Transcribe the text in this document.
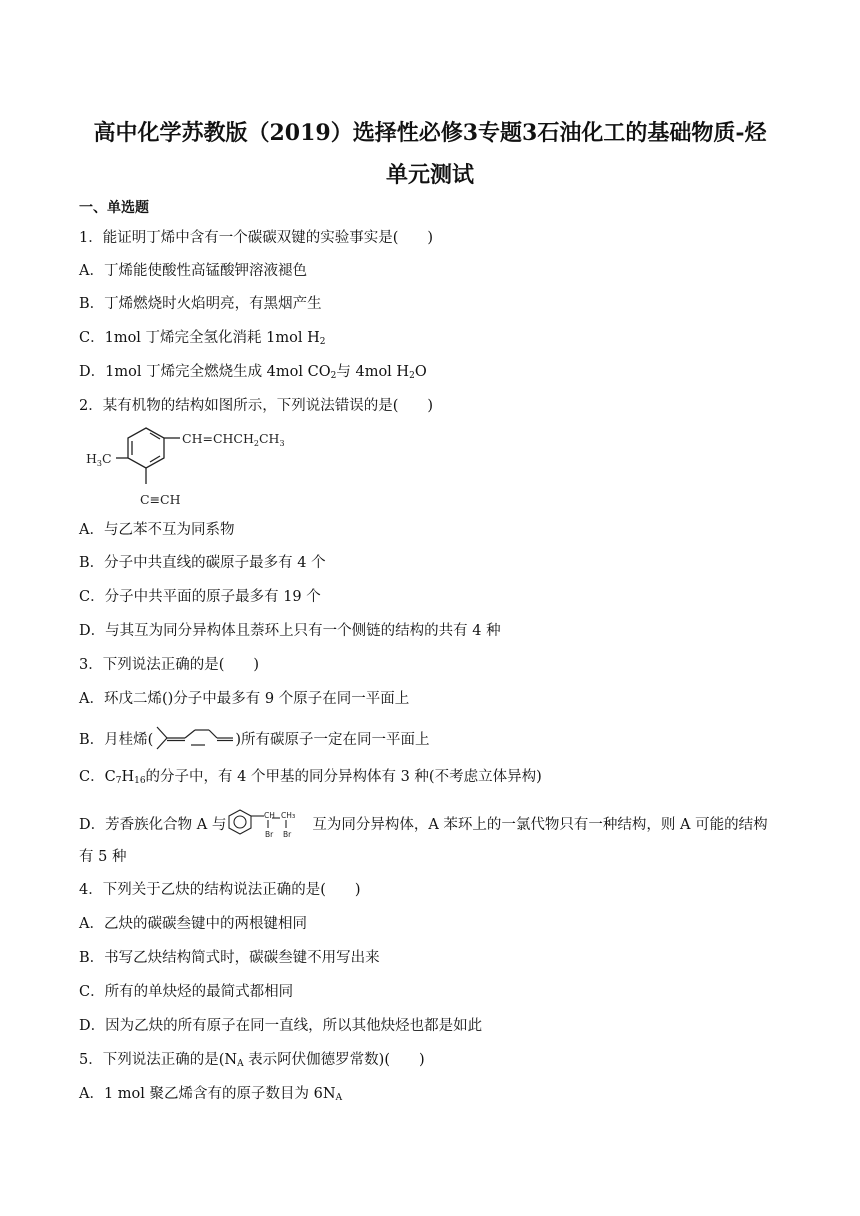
高中化学苏教版（2019）选择性必修3专题3石油化工的基础物质-烃
单元测试
一、单选题
1．能证明丁烯中含有一个碳碳双键的实验事实是(　　)
A．丁烯能使酸性高锰酸钾溶液褪色
B．丁烯燃烧时火焰明亮，有黑烟产生
C．1mol 丁烯完全氢化消耗 1mol $H_2$
D．1mol 丁烯完全燃烧生成 4mol $CO_2$与 4mol $H_2O$
2．某有机物的结构如图所示，下列说法错误的是(　　)
$CH=CHCH_2CH_3$
$H_3C$
C≡CH
A．与乙苯不互为同系物
B．分子中共直线的碳原子最多有 4 个
C．分子中共平面的原子最多有 19 个
D．与其互为同分异构体且萘环上只有一个侧链的结构的共有 4 种
3．下列说法正确的是(　　)
A．环戊二烯()分子中最多有 9 个原子在同一平面上
B．月桂烯(	)所有碳原子一定在同一平面上
C．$C_7H_{16}$的分子中，有 4 个甲基的同分异构体有 3 种(不考虑立体异构)
D．芳香族化合物 A 与
CH CH3
Br Br
互为同分异构体，A 苯环上的一氯代物只有一种结构，则 A 可能的结构
有 5 种
4．下列关于乙炔的结构说法正确的是(　　)
A．乙炔的碳碳叁键中的两根键相同
B．书写乙炔结构简式时，碳碳叁键不用写出来
C．所有的单炔烃的最简式都相同
D．因为乙炔的所有原子在同一直线，所以其他炔烃也都是如此
5．下列说法正确的是($N_A$ 表示阿伏伽德罗常数)(　　)
A．1 mol 聚乙烯含有的原子数目为 $6N_A$
